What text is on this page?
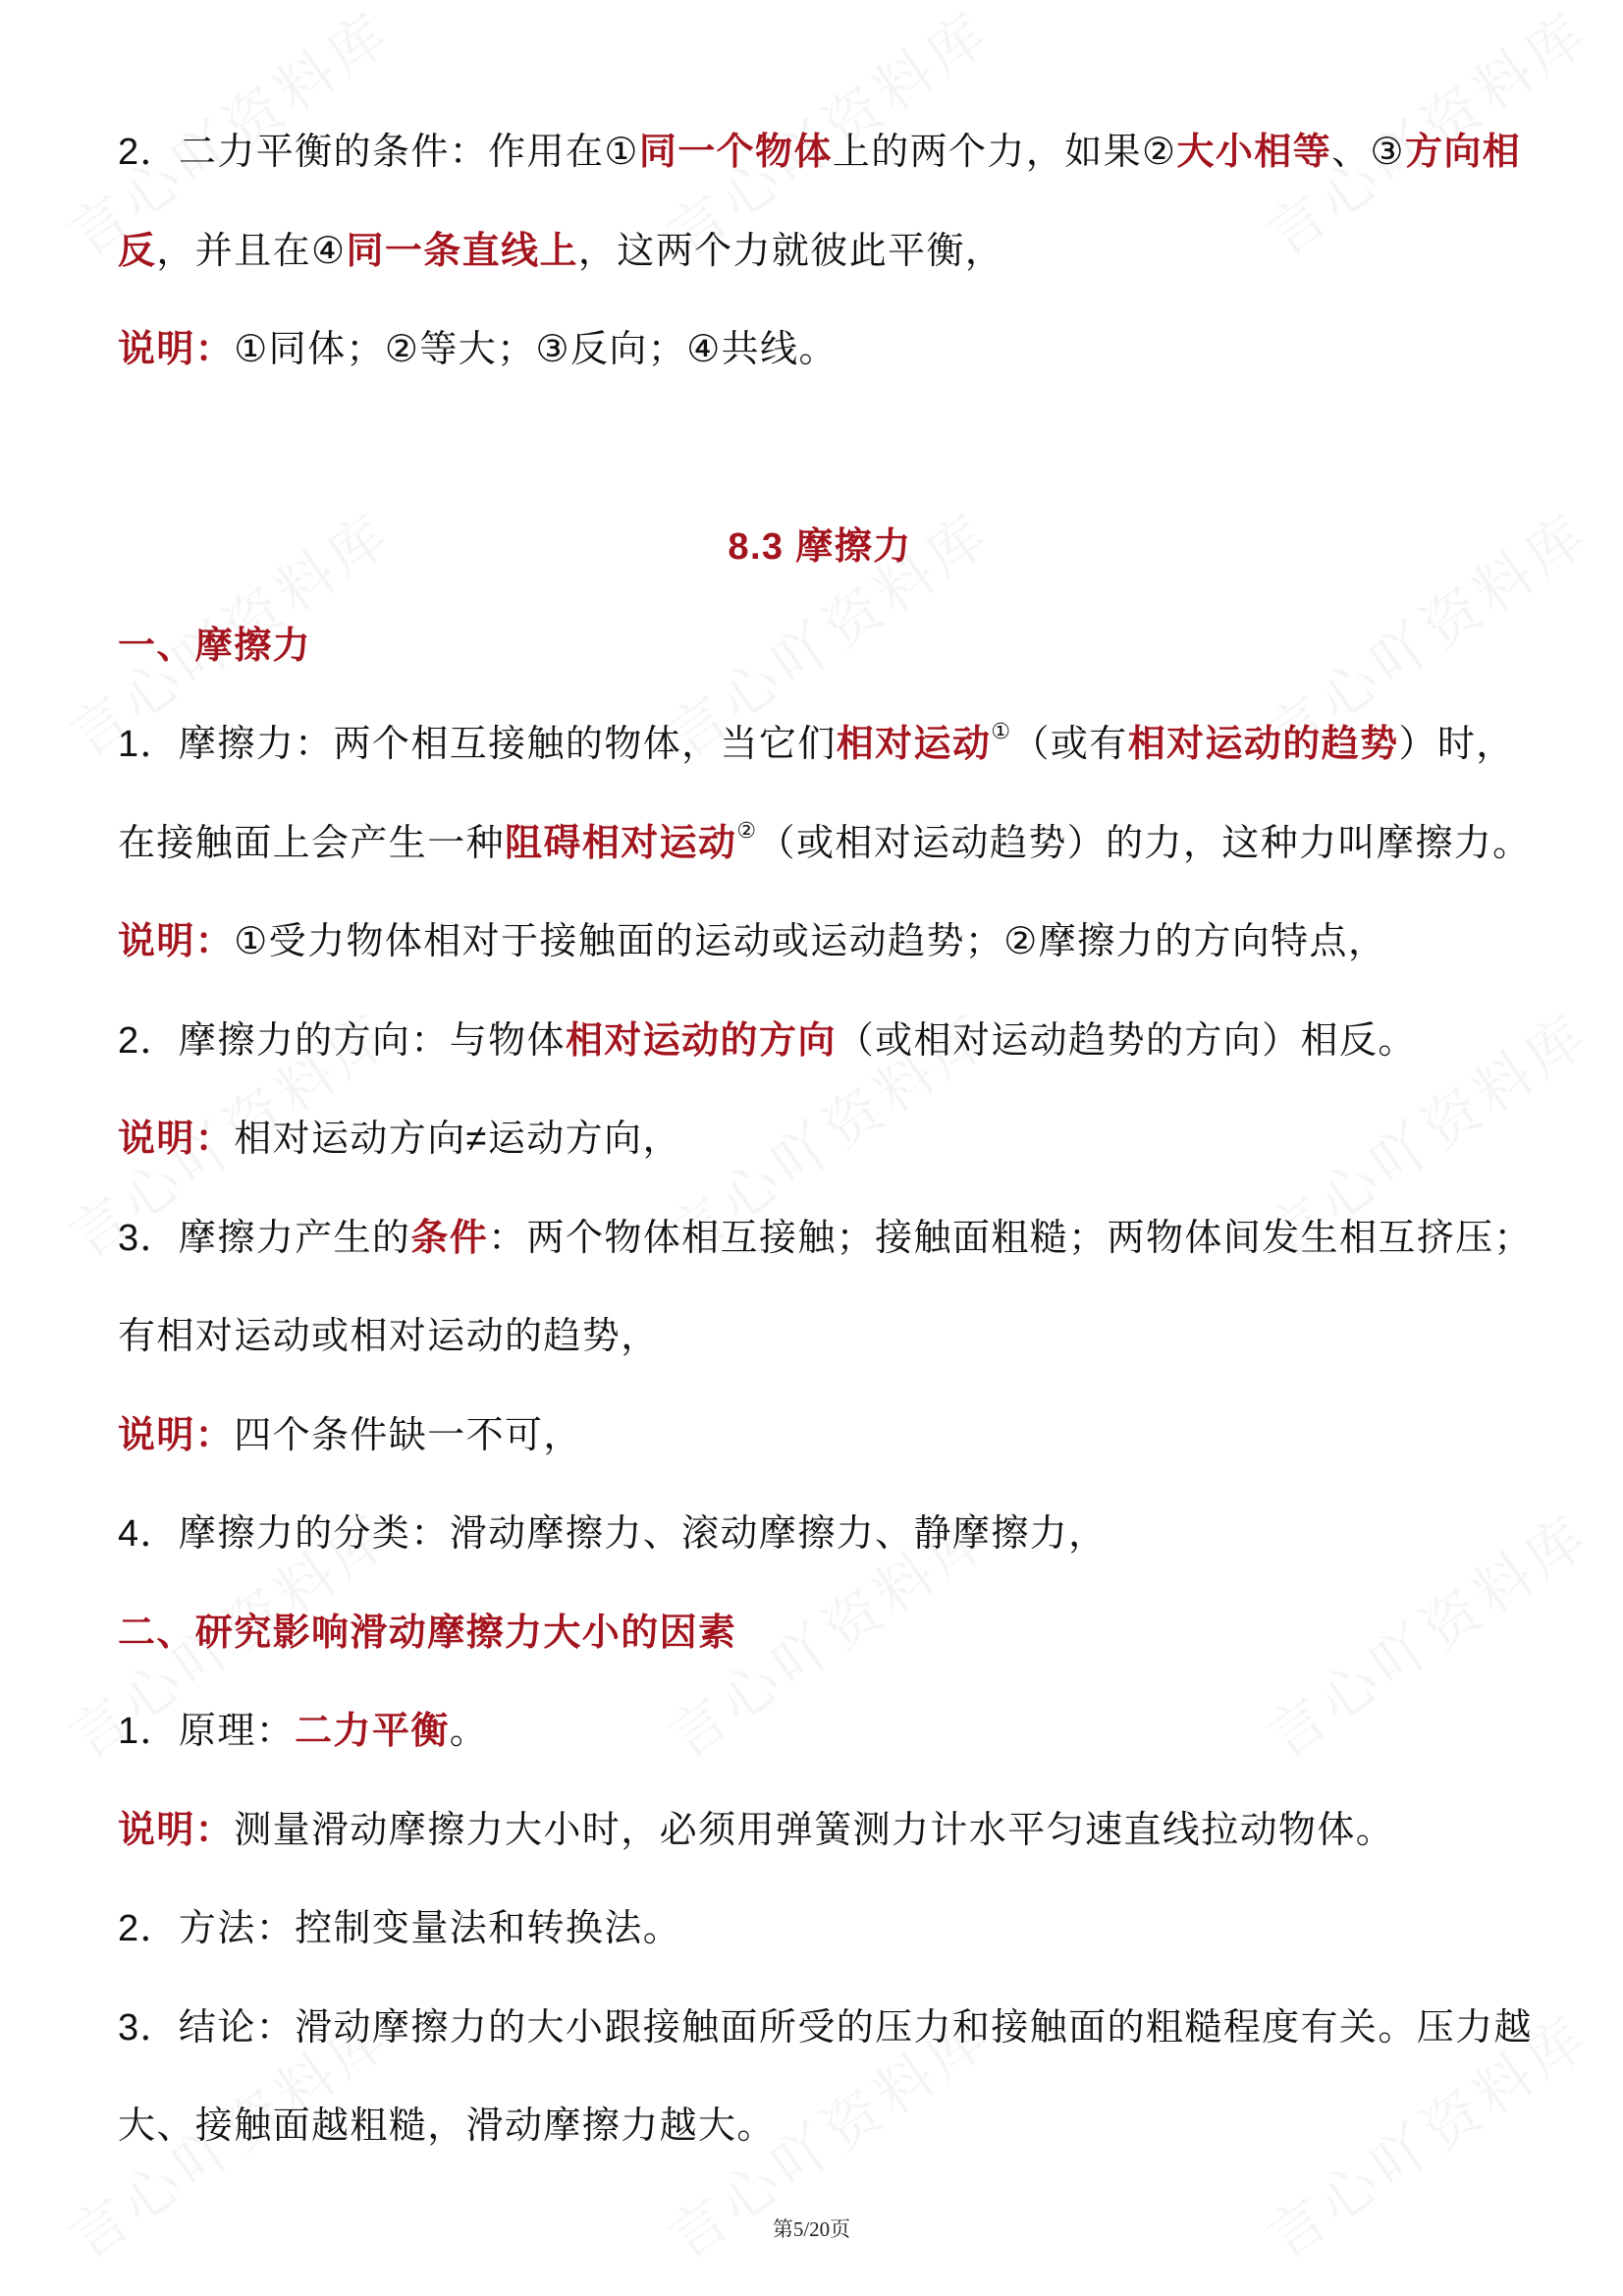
2．二力平衡的条件：作用在①同一个物体上的两个力，如果②大小相等、③方向相
反，并且在④同一条直线上，这两个力就彼此平衡，
说明：①同体；②等大；③反向；④共线。
8.3 摩擦力
一、摩擦力
1．摩擦力：两个相互接触的物体，当它们相对运动①（或有相对运动的趋势）时，
在接触面上会产生一种阻碍相对运动②（或相对运动趋势）的力，这种力叫摩擦力。
说明：①受力物体相对于接触面的运动或运动趋势；②摩擦力的方向特点，
2．摩擦力的方向：与物体相对运动的方向（或相对运动趋势的方向）相反。
说明：相对运动方向≠运动方向，
3．摩擦力产生的条件：两个物体相互接触；接触面粗糙；两物体间发生相互挤压；
有相对运动或相对运动的趋势，
说明：四个条件缺一不可，
4．摩擦力的分类：滑动摩擦力、滚动摩擦力、静摩擦力，
二、研究影响滑动摩擦力大小的因素
1．原理：二力平衡。
说明：测量滑动摩擦力大小时，必须用弹簧测力计水平匀速直线拉动物体。
2．方法：控制变量法和转换法。
3．结论：滑动摩擦力的大小跟接触面所受的压力和接触面的粗糙程度有关。压力越
大、接触面越粗糙，滑动摩擦力越大。
第5/20页
